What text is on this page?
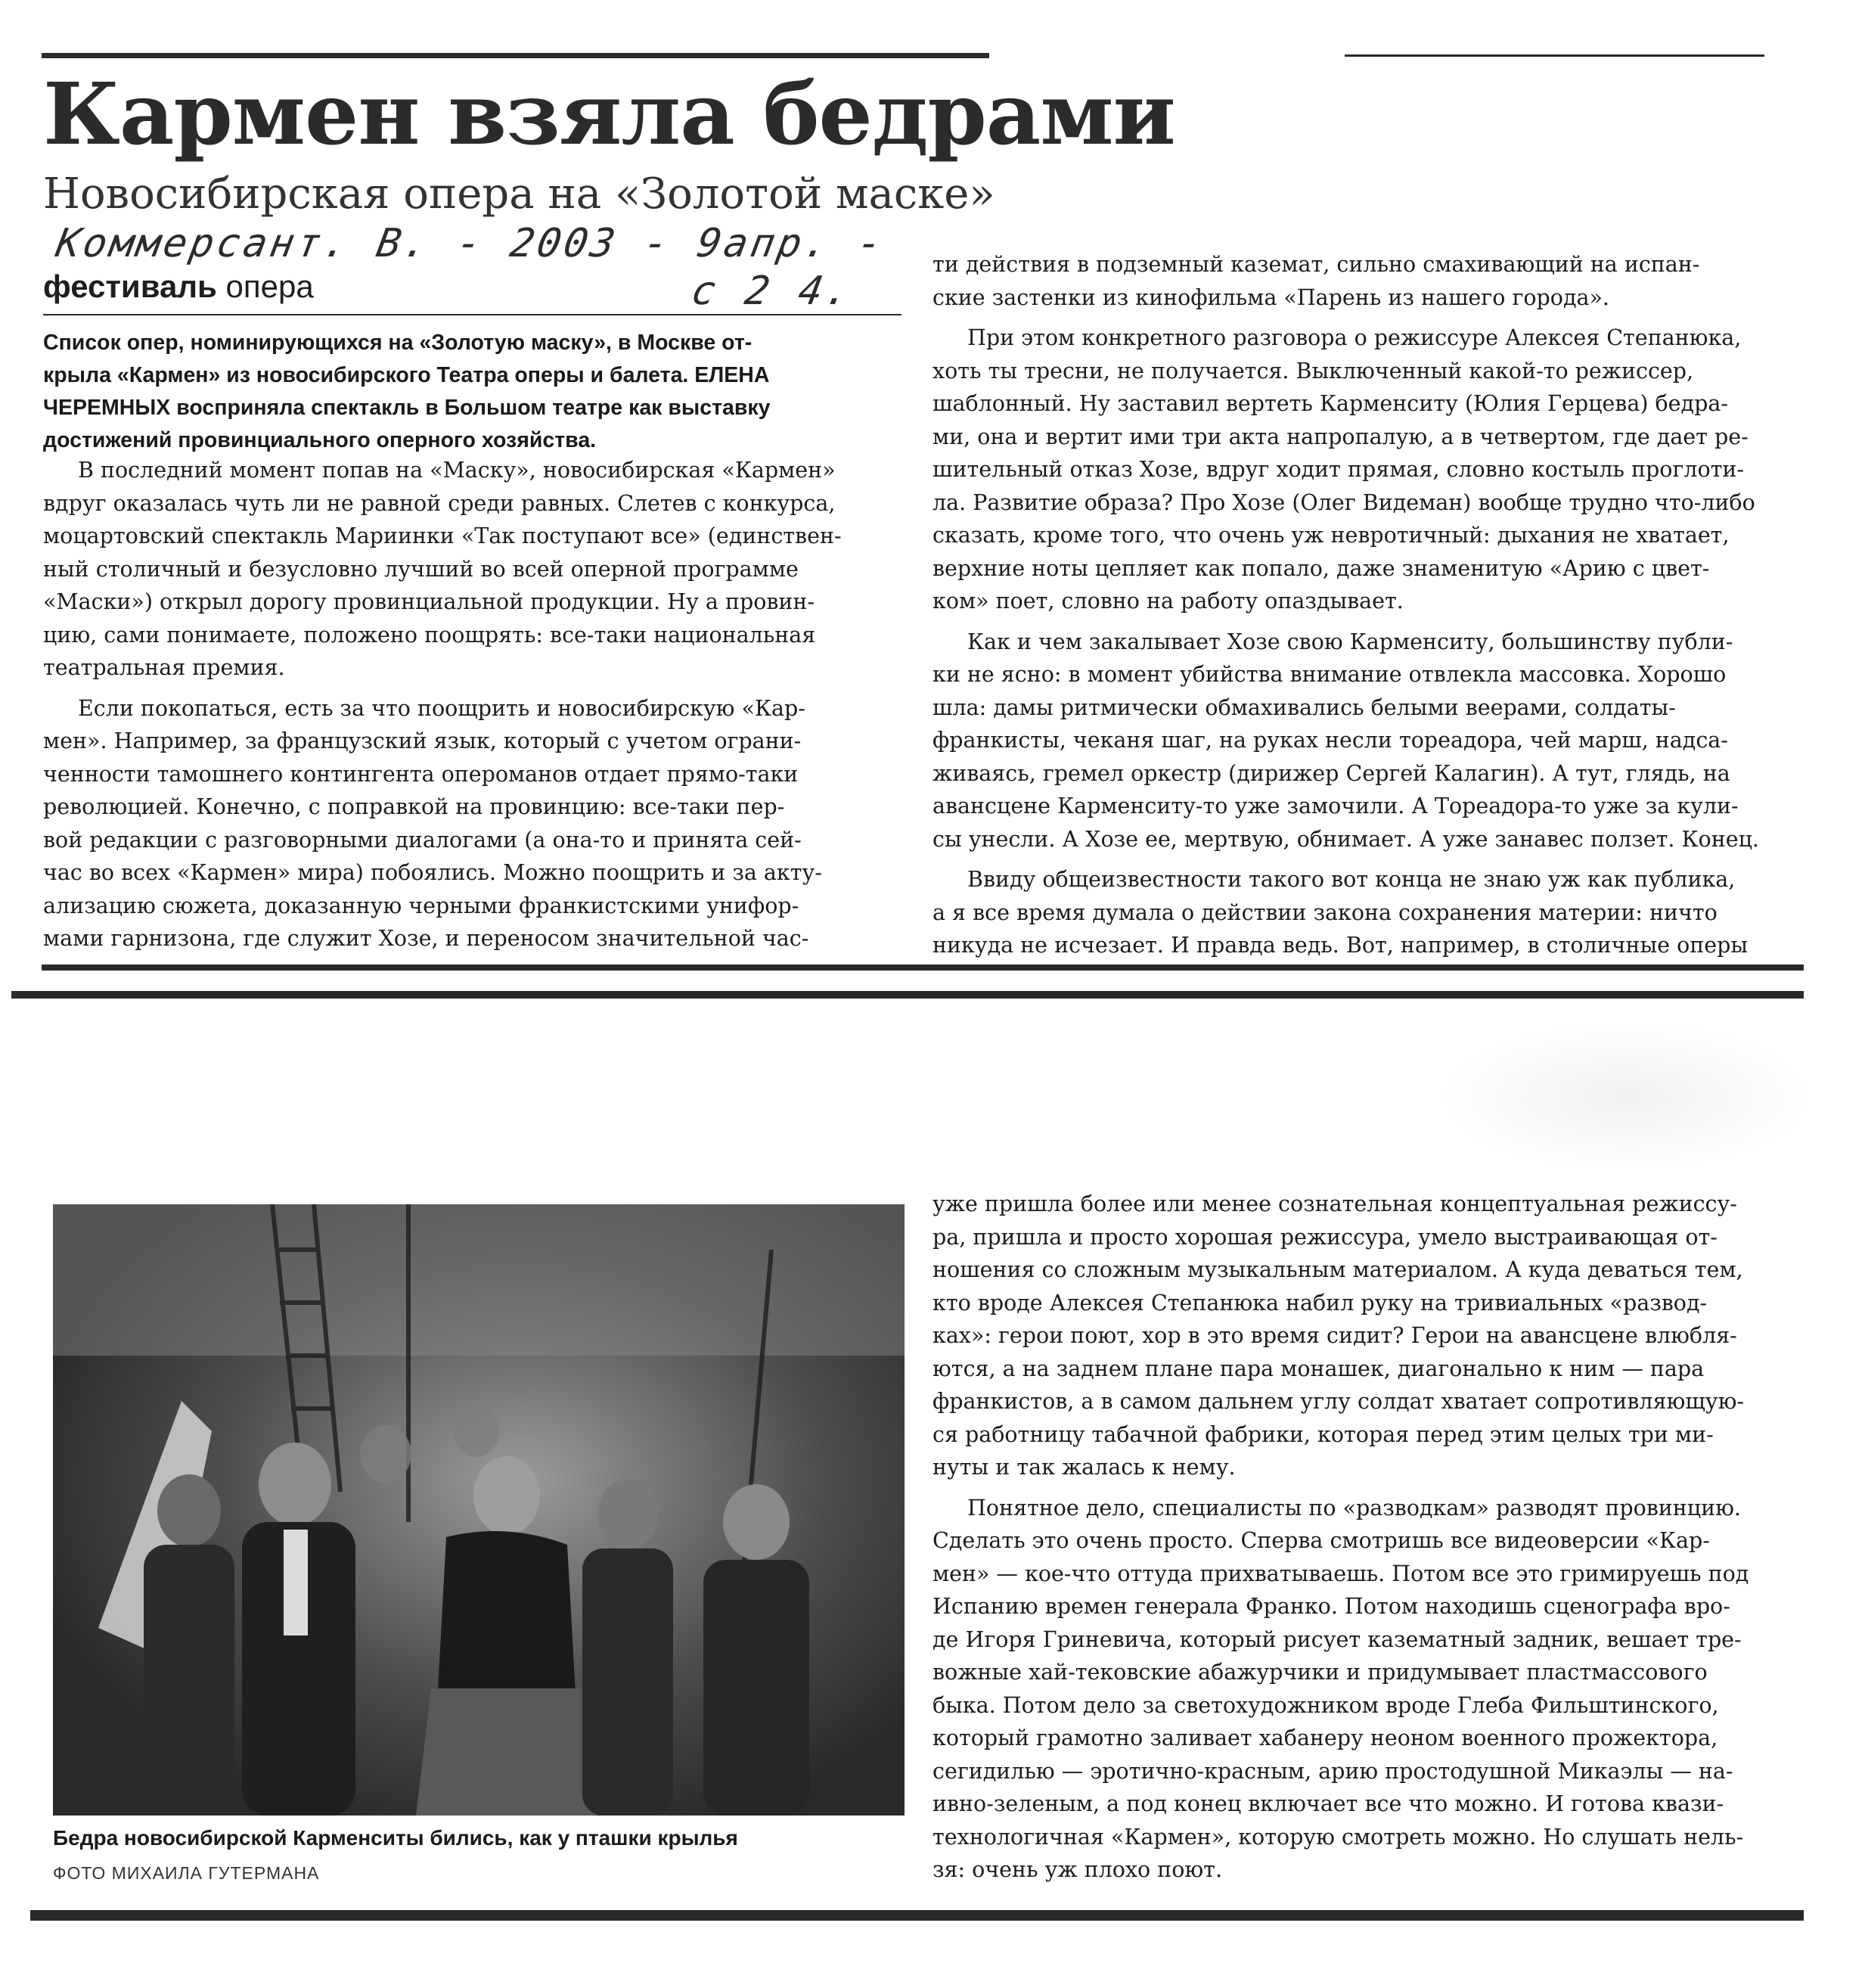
Кармен взяла бедрами
Новосибирская опера на «Золотой маске»
Коммерсант. В. - 2003 - 9апр. -
с 2 4.
фестиваль опера
Список опер, номинирующихся на «Золотую маску», в Москве от-
крыла «Кармен» из новосибирского Театра оперы и балета. ЕЛЕНА
ЧЕРЕМНЫХ восприняла спектакль в Большом театре как выставку
достижений провинциального оперного хозяйства.
В последний момент попав на «Маску», новосибирская «Кармен»
вдруг оказалась чуть ли не равной среди равных. Слетев с конкурса,
моцартовский спектакль Мариинки «Так поступают все» (единствен-
ный столичный и безусловно лучший во всей оперной программе
«Маски») открыл дорогу провинциальной продукции. Ну а провин-
цию, сами понимаете, положено поощрять: все-таки национальная
театральная премия.
Если покопаться, есть за что поощрить и новосибирскую «Кар-
мен». Например, за французский язык, который с учетом ограни-
ченности тамошнего контингента опероманов отдает прямо-таки
революцией. Конечно, с поправкой на провинцию: все-таки пер-
вой редакции с разговорными диалогами (а она-то и принята сей-
час во всех «Кармен» мира) побоялись. Можно поощрить и за акту-
ализацию сюжета, доказанную черными франкистскими унифор-
мами гарнизона, где служит Хозе, и переносом значительной час-
ти действия в подземный каземат, сильно смахивающий на испан-
ские застенки из кинофильма «Парень из нашего города».
При этом конкретного разговора о режиссуре Алексея Степанюка,
хоть ты тресни, не получается. Выключенный какой-то режиссер,
шаблонный. Ну заставил вертеть Карменситу (Юлия Герцева) бедра-
ми, она и вертит ими три акта напропалую, а в четвертом, где дает ре-
шительный отказ Хозе, вдруг ходит прямая, словно костыль проглоти-
ла. Развитие образа? Про Хозе (Олег Видеман) вообще трудно что-либо
сказать, кроме того, что очень уж невротичный: дыхания не хватает,
верхние ноты цепляет как попало, даже знаменитую «Арию с цвет-
ком» поет, словно на работу опаздывает.
Как и чем закалывает Хозе свою Карменситу, большинству публи-
ки не ясно: в момент убийства внимание отвлекла массовка. Хорошо
шла: дамы ритмически обмахивались белыми веерами, солдаты-
франкисты, чеканя шаг, на руках несли тореадора, чей марш, надса-
живаясь, гремел оркестр (дирижер Сергей Калагин). А тут, глядь, на
авансцене Карменситу-то уже замочили. А Тореадора-то уже за кули-
сы унесли. А Хозе ее, мертвую, обнимает. А уже занавес ползет. Конец.
Ввиду общеизвестности такого вот конца не знаю уж как публика,
а я все время думала о действии закона сохранения материи: ничто
никуда не исчезает. И правда ведь. Вот, например, в столичные оперы
уже пришла более или менее сознательная концептуальная режиссу-
ра, пришла и просто хорошая режиссура, умело выстраивающая от-
ношения со сложным музыкальным материалом. А куда деваться тем,
кто вроде Алексея Степанюка набил руку на тривиальных «развод-
ках»: герои поют, хор в это время сидит? Герои на авансцене влюбля-
ются, а на заднем плане пара монашек, диагонально к ним — пара
франкистов, а в самом дальнем углу солдат хватает сопротивляющую-
ся работницу табачной фабрики, которая перед этим целых три ми-
нуты и так жалась к нему.
Понятное дело, специалисты по «разводкам» разводят провинцию.
Сделать это очень просто. Сперва смотришь все видеоверсии «Кар-
мен» — кое-что оттуда прихватываешь. Потом все это гримируешь под
Испанию времен генерала Франко. Потом находишь сценографа вро-
де Игоря Гриневича, который рисует казематный задник, вешает тре-
вожные хай-тековские абажурчики и придумывает пластмассового
быка. Потом дело за светохудожником вроде Глеба Фильштинского,
который грамотно заливает хабанеру неоном военного прожектора,
сегидилью — эротично-красным, арию простодушной Микаэлы — на-
ивно-зеленым, а под конец включает все что можно. И готова квази-
технологичная «Кармен», которую смотреть можно. Но слушать нель-
зя: очень уж плохо поют.
Бедра новосибирской Карменситы бились, как у пташки крылья
ФОТО МИХАИЛА ГУТЕРМАНА
